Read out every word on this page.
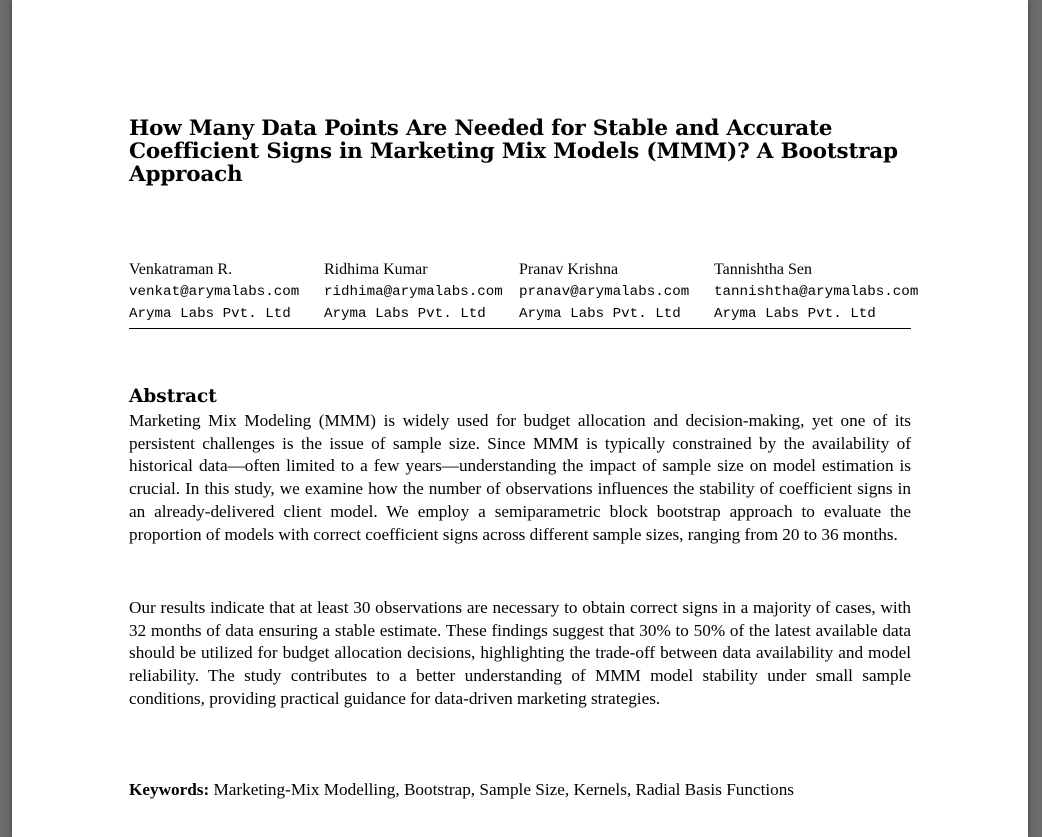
How Many Data Points Are Needed for Stable and Accurate Coefficient Signs in Marketing Mix Models (MMM)? A Bootstrap Approach
Venkatraman R.
venkat@arymalabs.com
Aryma Labs Pvt. Ltd
Ridhima Kumar
ridhima@arymalabs.com
Aryma Labs Pvt. Ltd
Pranav Krishna
pranav@arymalabs.com
Aryma Labs Pvt. Ltd
Tannishtha Sen
tannishtha@arymalabs.com
Aryma Labs Pvt. Ltd
Abstract

Marketing Mix Modeling (MMM) is widely used for budget allocation and decision-making, yet one of its persistent challenges is the issue of sample size. Since MMM is typically constrained by the availability of historical data—often limited to a few years—understanding the impact of sample size on model estimation is crucial. In this study, we examine how the number of observations influences the stability of coefficient signs in an already-delivered client model. We employ a semiparametric block bootstrap approach to evaluate the proportion of models with correct coefficient signs across different sample sizes, ranging from 20 to 36 months.

Our results indicate that at least 30 observations are necessary to obtain correct signs in a majority of cases, with 32 months of data ensuring a stable estimate. These findings suggest that 30% to 50% of the latest available data should be utilized for budget allocation decisions, highlighting the trade-off between data availability and model reliability. The study contributes to a better understanding of MMM model stability under small sample conditions, providing practical guidance for data-driven marketing strategies.

Keywords: Marketing-Mix Modelling, Bootstrap, Sample Size, Kernels, Radial Basis Functions
